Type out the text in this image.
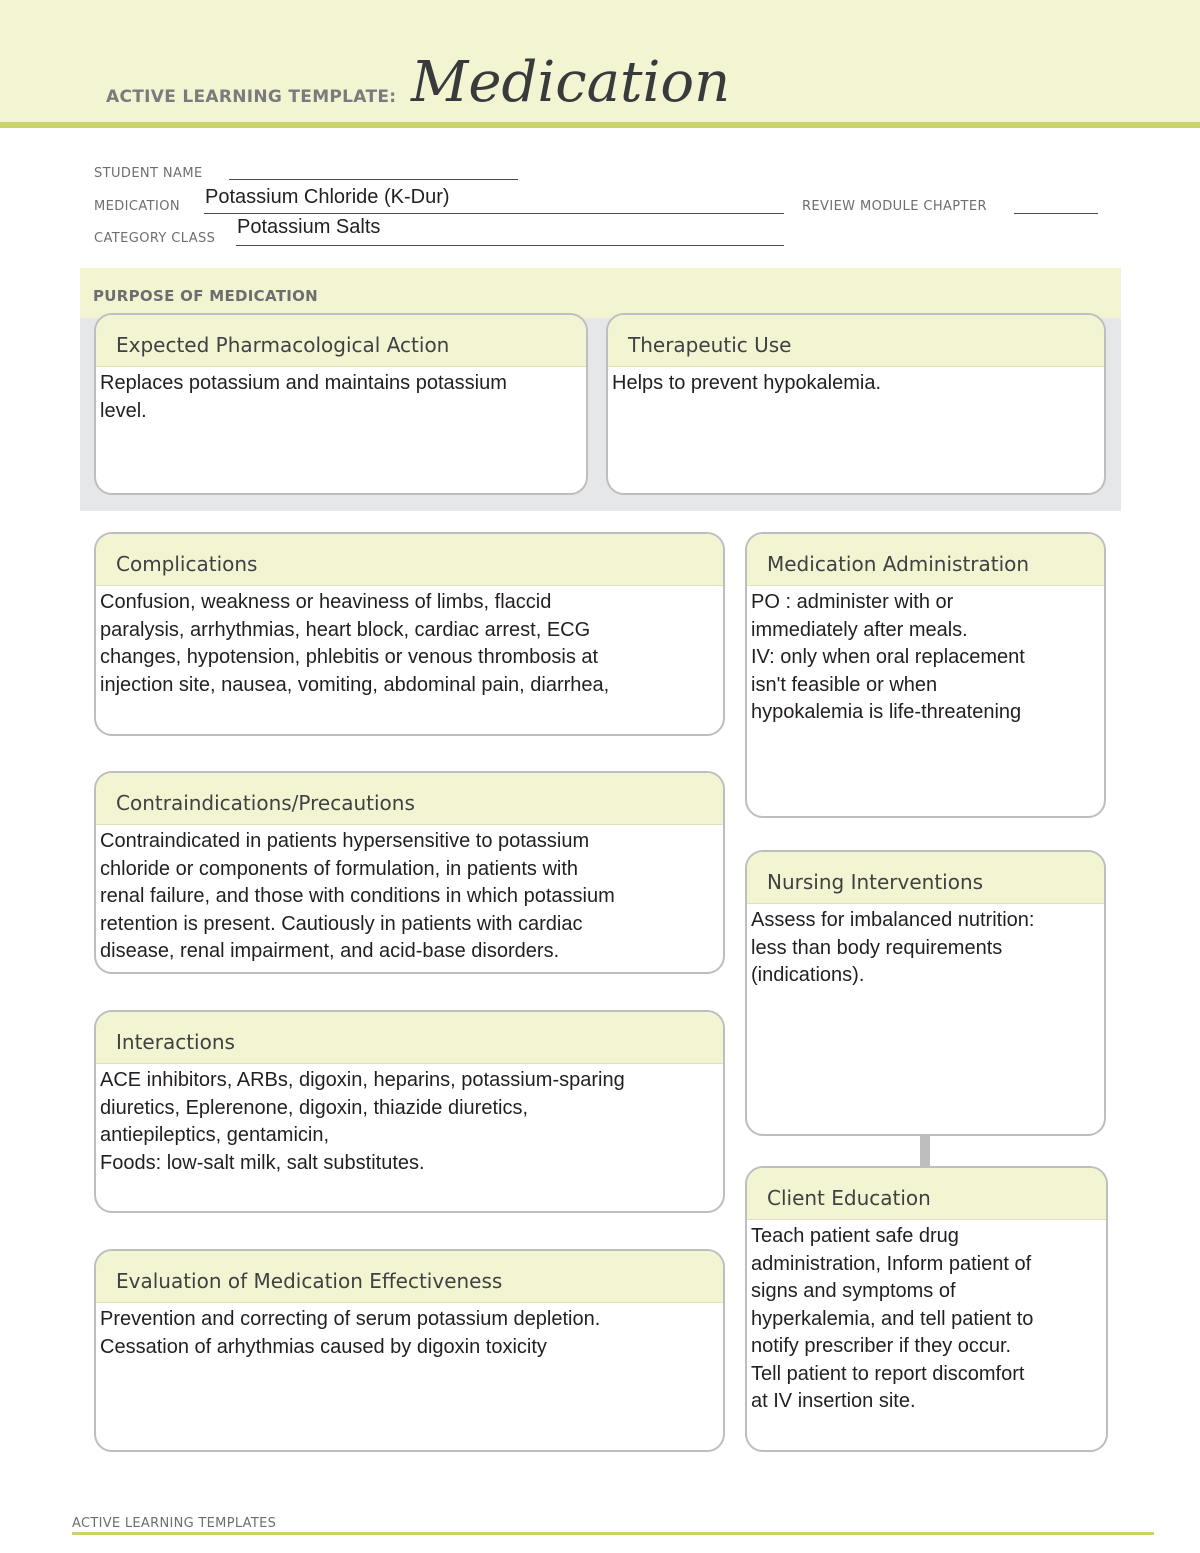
ACTIVE LEARNING TEMPLATE: Medication
STUDENT NAME
MEDICATION Potassium Chloride (K-Dur)	REVIEW MODULE CHAPTER
CATEGORY CLASS
Potassium Salts
PURPOSE OF MEDICATION
Expected Pharmacological Action
Replaces potassium and maintains potassium
level.
Therapeutic Use
Helps to prevent hypokalemia.
Complications
Confusion, weakness or heaviness of limbs, flaccid
paralysis, arrhythmias, heart block, cardiac arrest, ECG
changes, hypotension, phlebitis or venous thrombosis at
injection site, nausea, vomiting, abdominal pain, diarrhea,
Medication Administration
PO : administer with or
immediately after meals.
IV: only when oral replacement
isn't feasible or when
hypokalemia is life-threatening
Contraindications/Precautions
Contraindicated in patients hypersensitive to potassium
chloride or components of formulation, in patients with
renal failure, and those with conditions in which potassium
retention is present. Cautiously in patients with cardiac
disease, renal impairment, and acid-base disorders.
Nursing Interventions
Assess for imbalanced nutrition:
less than body requirements
(indications).
Interactions
ACE inhibitors, ARBs, digoxin, heparins, potassium-sparing
diuretics, Eplerenone, digoxin, thiazide diuretics,
antiepileptics, gentamicin,
Foods: low-salt milk, salt substitutes.
Client Education
Teach patient safe drug
administration, Inform patient of
signs and symptoms of
hyperkalemia, and tell patient to
notify prescriber if they occur.
Tell patient to report discomfort
at IV insertion site.
Evaluation of Medication Effectiveness
Prevention and correcting of serum potassium depletion.
Cessation of arhythmias caused by digoxin toxicity
ACTIVE LEARNING TEMPLATES
